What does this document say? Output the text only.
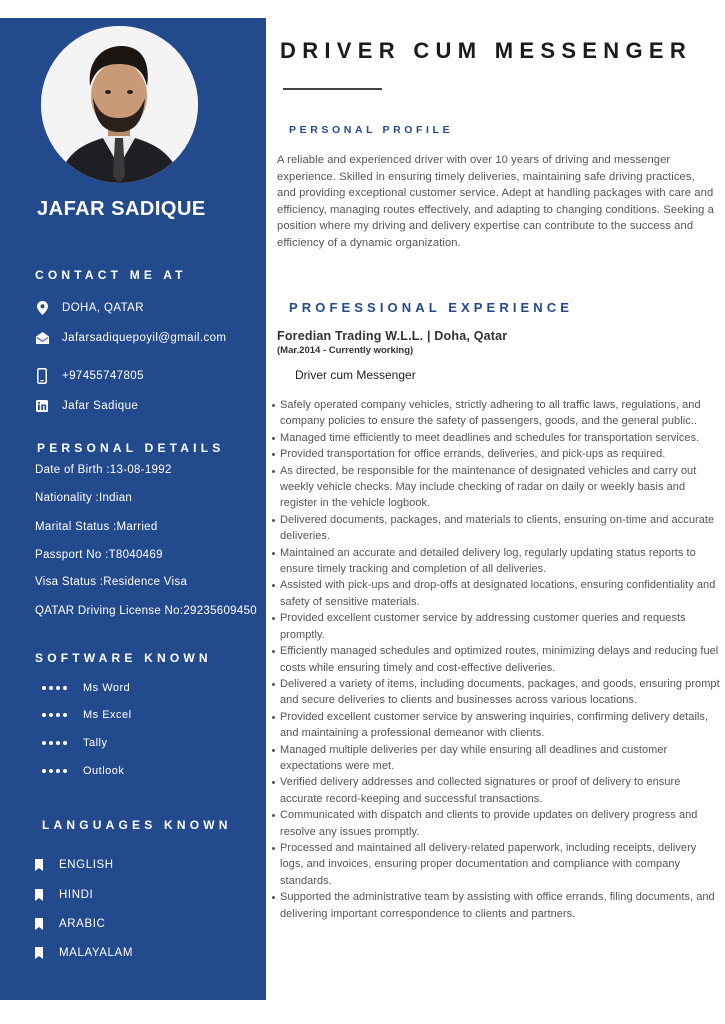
JAFAR SADIQUE
CONTACT ME AT
DOHA, QATAR
Jafarsadiquepoyil@gmail.com
+97455747805
Jafar Sadique
PERSONAL DETAILS
Date of Birth :13-08-1992
Nationality :Indian
Marital Status :Married
Passport No :T8040469
Visa Status :Residence Visa
QATAR Driving License No:29235609450
SOFTWARE KNOWN
Ms Word
Ms Excel
Tally
Outlook
LANGUAGES KNOWN
ENGLISH
HINDI
ARABIC
MALAYALAM
DRIVER CUM MESSENGER
PERSONAL PROFILE
A reliable and experienced driver with over 10 years of driving and messenger experience. Skilled in ensuring timely deliveries, maintaining safe driving practices, and providing exceptional customer service. Adept at handling packages with care and efficiency, managing routes effectively, and adapting to changing conditions. Seeking a position where my driving and delivery expertise can contribute to the success and efficiency of a dynamic organization.
PROFESSIONAL EXPERIENCE
Foredian Trading W.L.L. | Doha, Qatar
(Mar.2014 - Currently working)
Driver cum Messenger
Safely operated company vehicles, strictly adhering to all traffic laws, regulations, and company policies to ensure the safety of passengers, goods, and the general public..
Managed time efficiently to meet deadlines and schedules for transportation services.
Provided transportation for office errands, deliveries, and pick-ups as required.
As directed, be responsible for the maintenance of designated vehicles and carry out weekly vehicle checks. May include checking of radar on daily or weekly basis and register in the vehicle logbook.
Delivered documents, packages, and materials to clients, ensuring on-time and accurate deliveries.
Maintained an accurate and detailed delivery log, regularly updating status reports to ensure timely tracking and completion of all deliveries.
Assisted with pick-ups and drop-offs at designated locations, ensuring confidentiality and safety of sensitive materials.
Provided excellent customer service by addressing customer queries and requests promptly.
Efficiently managed schedules and optimized routes, minimizing delays and reducing fuel costs while ensuring timely and cost-effective deliveries.
Delivered a variety of items, including documents, packages, and goods, ensuring prompt and secure deliveries to clients and businesses across various locations.
Provided excellent customer service by answering inquiries, confirming delivery details, and maintaining a professional demeanor with clients.
Managed multiple deliveries per day while ensuring all deadlines and customer expectations were met.
Verified delivery addresses and collected signatures or proof of delivery to ensure accurate record-keeping and successful transactions.
Communicated with dispatch and clients to provide updates on delivery progress and resolve any issues promptly.
Processed and maintained all delivery-related paperwork, including receipts, delivery logs, and invoices, ensuring proper documentation and compliance with company standards.
Supported the administrative team by assisting with office errands, filing documents, and delivering important correspondence to clients and partners.
